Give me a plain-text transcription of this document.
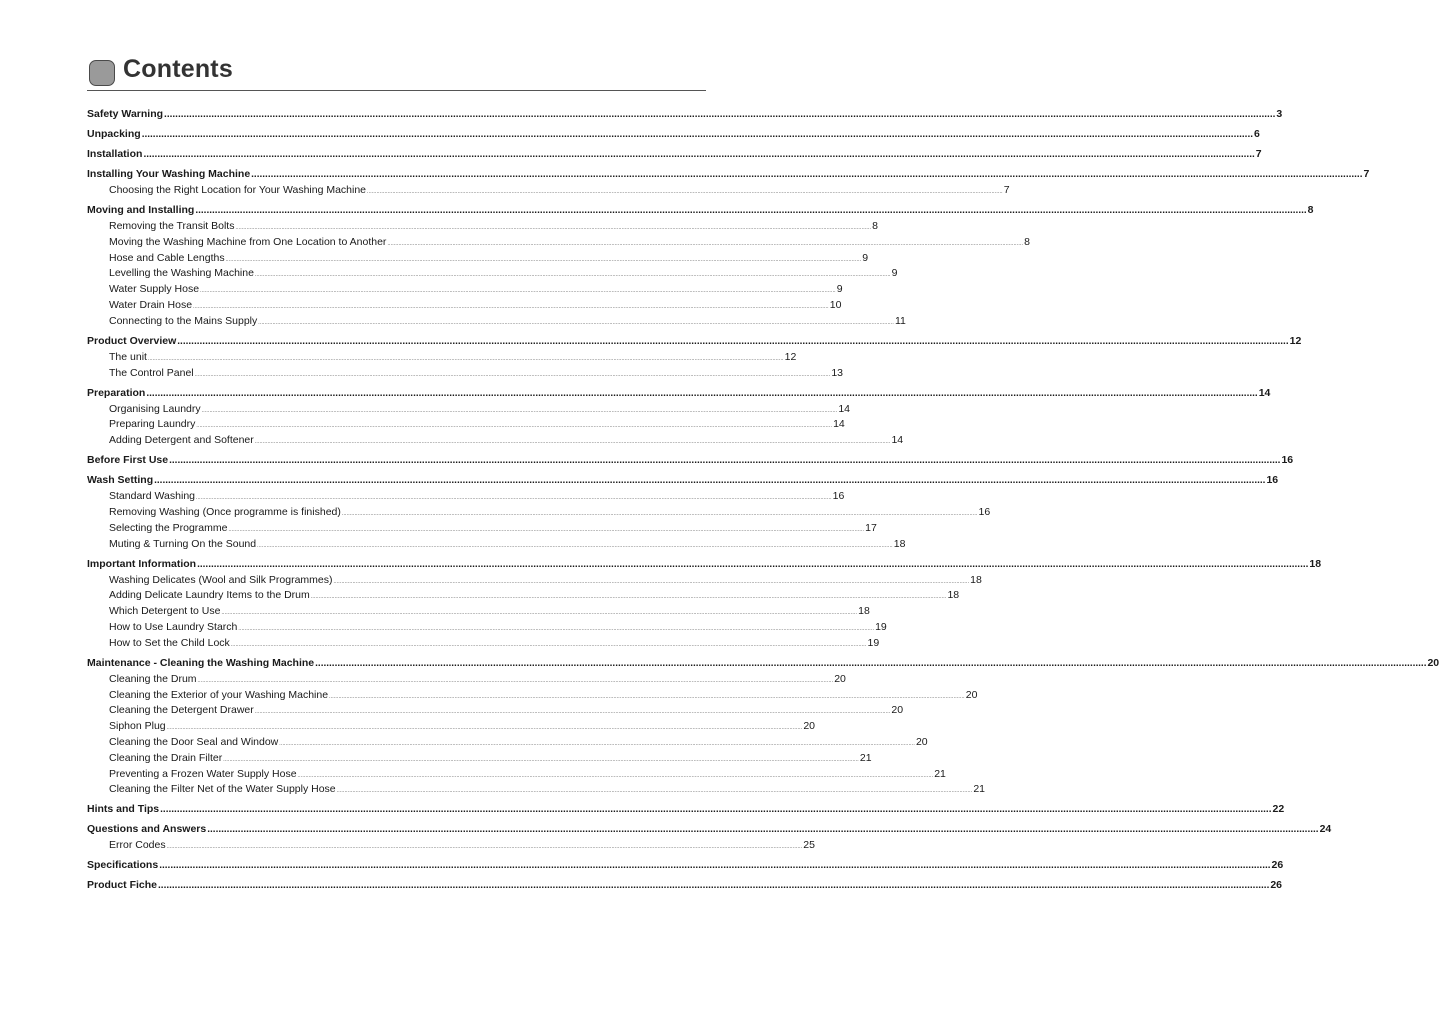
Contents
Safety Warning ................................................................................................................................................................................................................................................................................................................................................................................................................ 3
Unpacking ................................................................................................................................................................................................................................................................................................................................................................................................................ 6
Installation ................................................................................................................................................................................................................................................................................................................................................................................................................ 7
Installing Your Washing Machine ................................................................................................................................................................................................................................................................................................................................................................................................................ 7
Choosing the Right Location for Your Washing Machine ................................................................................................................................................................................................................................................................................................................................................................................................................ 7
Moving and Installing ................................................................................................................................................................................................................................................................................................................................................................................................................ 8
Removing the Transit Bolts ................................................................................................................................................................................................................................................................................................................................................................................................................ 8
Moving the Washing Machine from One Location to Another ................................................................................................................................................................................................................................................................................................................................................................................................................ 8
Hose and Cable Lengths ................................................................................................................................................................................................................................................................................................................................................................................................................ 9
Levelling the Washing Machine ................................................................................................................................................................................................................................................................................................................................................................................................................ 9
Water Supply Hose ................................................................................................................................................................................................................................................................................................................................................................................................................ 9
Water Drain Hose ................................................................................................................................................................................................................................................................................................................................................................................................................ 10
Connecting to the Mains Supply ................................................................................................................................................................................................................................................................................................................................................................................................................ 11
Product Overview ................................................................................................................................................................................................................................................................................................................................................................................................................ 12
The unit ................................................................................................................................................................................................................................................................................................................................................................................................................ 12
The Control Panel ................................................................................................................................................................................................................................................................................................................................................................................................................ 13
Preparation ................................................................................................................................................................................................................................................................................................................................................................................................................ 14
Organising Laundry ................................................................................................................................................................................................................................................................................................................................................................................................................ 14
Preparing Laundry ................................................................................................................................................................................................................................................................................................................................................................................................................ 14
Adding Detergent and Softener ................................................................................................................................................................................................................................................................................................................................................................................................................ 14
Before First Use ................................................................................................................................................................................................................................................................................................................................................................................................................ 16
Wash Setting ................................................................................................................................................................................................................................................................................................................................................................................................................ 16
Standard Washing ................................................................................................................................................................................................................................................................................................................................................................................................................ 16
Removing Washing (Once programme is finished) ................................................................................................................................................................................................................................................................................................................................................................................................................ 16
Selecting the Programme ................................................................................................................................................................................................................................................................................................................................................................................................................ 17
Muting & Turning On the Sound ................................................................................................................................................................................................................................................................................................................................................................................................................ 18
Important Information ................................................................................................................................................................................................................................................................................................................................................................................................................ 18
Washing Delicates (Wool and Silk Programmes) ................................................................................................................................................................................................................................................................................................................................................................................................................ 18
Adding Delicate Laundry Items to the Drum ................................................................................................................................................................................................................................................................................................................................................................................................................ 18
Which Detergent to Use ................................................................................................................................................................................................................................................................................................................................................................................................................ 18
How to Use Laundry Starch ................................................................................................................................................................................................................................................................................................................................................................................................................ 19
How to Set the Child Lock ................................................................................................................................................................................................................................................................................................................................................................................................................ 19
Maintenance - Cleaning the Washing Machine ................................................................................................................................................................................................................................................................................................................................................................................................................ 20
Cleaning the Drum ................................................................................................................................................................................................................................................................................................................................................................................................................ 20
Cleaning the Exterior of your Washing Machine ................................................................................................................................................................................................................................................................................................................................................................................................................ 20
Cleaning the Detergent Drawer ................................................................................................................................................................................................................................................................................................................................................................................................................ 20
Siphon Plug ................................................................................................................................................................................................................................................................................................................................................................................................................ 20
Cleaning the Door Seal and Window ................................................................................................................................................................................................................................................................................................................................................................................................................ 20
Cleaning the Drain Filter ................................................................................................................................................................................................................................................................................................................................................................................................................ 21
Preventing a Frozen Water Supply Hose ................................................................................................................................................................................................................................................................................................................................................................................................................ 21
Cleaning the Filter Net of the Water Supply Hose ................................................................................................................................................................................................................................................................................................................................................................................................................ 21
Hints and Tips ................................................................................................................................................................................................................................................................................................................................................................................................................ 22
Questions and Answers ................................................................................................................................................................................................................................................................................................................................................................................................................ 24
Error Codes ................................................................................................................................................................................................................................................................................................................................................................................................................ 25
Specifications ................................................................................................................................................................................................................................................................................................................................................................................................................ 26
Product Fiche ................................................................................................................................................................................................................................................................................................................................................................................................................ 26
